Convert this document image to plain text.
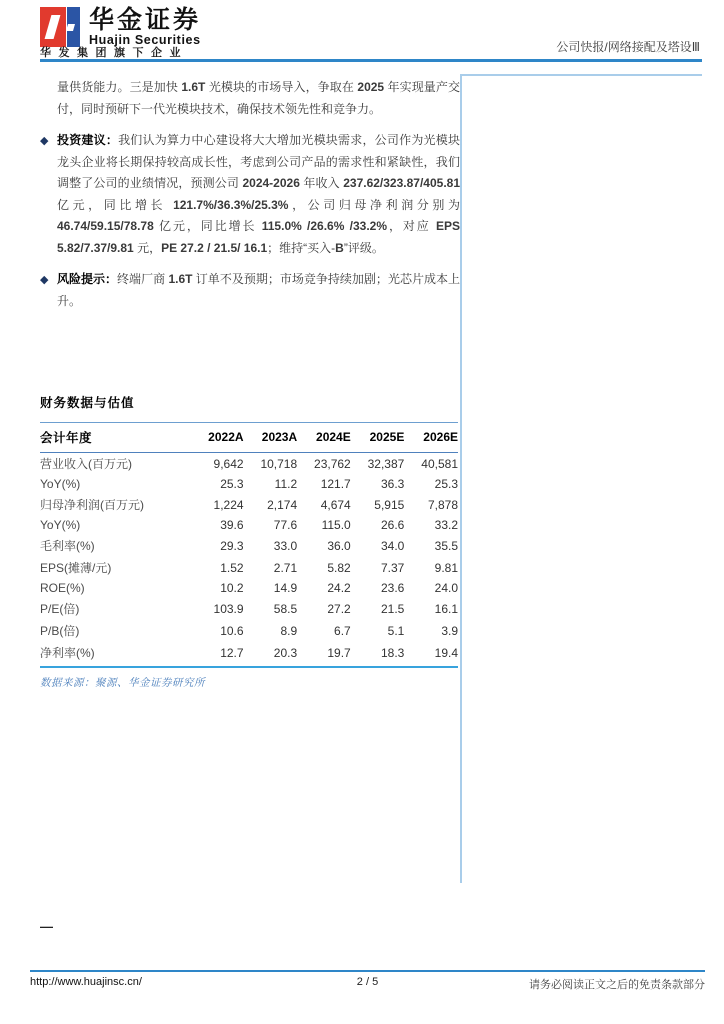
华金证券
Huajin Securities
华发集团旗下企业	公司快报/网络接配及塔设Ⅲ
量供货能力。三是加快 1.6T 光模块的市场导入，争取在 2025 年实现量产交付，同时预研下一代光模块技术，确保技术领先性和竞争力。
◆ 投资建议：我们认为算力中心建设将大大增加光模块需求，公司作为光模块龙头企业将长期保持较高成长性，考虑到公司产品的需求性和紧缺性，我们调整了公司的业绩情况，预测公司 2024-2026 年收入 237.62/323.87/405.81 亿元，同比增长 121.7%/36.3%/25.3%，公司归母净利润分别为 46.74/59.15/78.78 亿元，同比增长 115.0% /26.6% /33.2%，对应 EPS 5.82/7.37/9.81 元，PE 27.2 / 21.5/ 16.1；维持“买入-B”评级。
◆ 风险提示：终端厂商 1.6T 订单不及预期；市场竞争持续加剧；光芯片成本上升。
财务数据与估值
会计年度	2022A	2023A	2024E	2025E	2026E
营业收入(百万元)	9,642	10,718	23,762	32,387	40,581
YoY(%)	25.3	11.2	121.7	36.3	25.3
归母净利润(百万元)	1,224	2,174	4,674	5,915	7,878
YoY(%)	39.6	77.6	115.0	26.6	33.2
毛利率(%)	29.3	33.0	36.0	34.0	35.5
EPS(摊薄/元)	1.52	2.71	5.82	7.37	9.81
ROE(%)	10.2	14.9	24.2	23.6	24.0
P/E(倍)	103.9	58.5	27.2	21.5	16.1
P/B(倍)	10.6	8.9	6.7	5.1	3.9
净利率(%)	12.7	20.3	19.7	18.3	19.4
数据来源：聚源、华金证券研究所
—
http://www.huajinsc.cn/	2 / 5	请务必阅读正文之后的免责条款部分
